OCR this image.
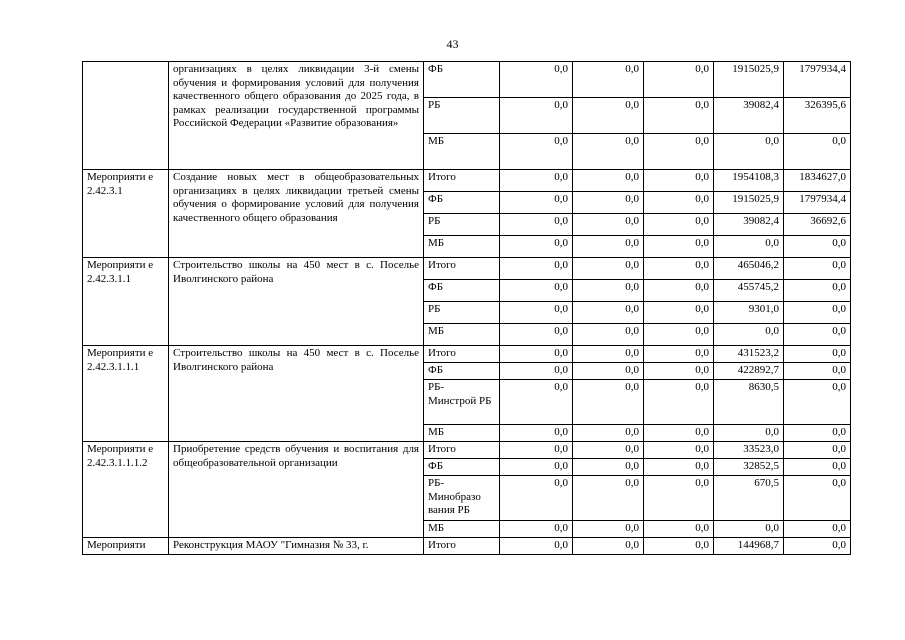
43
	организациях в целях ликвидации 3-й смены обучения и формирования условий для получения качественного общего образования до 2025 года, в рамках реализации государственной программы Российской Федерации «Развитие образования»	ФБ	0,0	0,0	0,0	1915025,9	1797934,4
		РБ	0,0	0,0	0,0	39082,4	326395,6
		МБ	0,0	0,0	0,0	0,0	0,0
Мероприяти е 2.42.3.1	Создание новых мест в общеобразовательных организациях в целях ликвидации третьей смены обучения о формирование условий для получения качественного общего образования	Итого	0,0	0,0	0,0	1954108,3	1834627,0
		ФБ	0,0	0,0	0,0	1915025,9	1797934,4
		РБ	0,0	0,0	0,0	39082,4	36692,6
		МБ	0,0	0,0	0,0	0,0	0,0
Мероприяти е 2.42.3.1.1	Строительство школы на 450 мест в с. Поселье Иволгинского района	Итого	0,0	0,0	0,0	465046,2	0,0
		ФБ	0,0	0,0	0,0	455745,2	0,0
		РБ	0,0	0,0	0,0	9301,0	0,0
		МБ	0,0	0,0	0,0	0,0	0,0
Мероприяти е 2.42.3.1.1.1	Строительство школы на 450 мест в с. Поселье Иволгинского района	Итого	0,0	0,0	0,0	431523,2	0,0
		ФБ	0,0	0,0	0,0	422892,7	0,0
		РБ- Минстрой РБ	0,0	0,0	0,0	8630,5	0,0
		МБ	0,0	0,0	0,0	0,0	0,0
Мероприяти е 2.42.3.1.1.1.2	Приобретение средств обучения и воспитания для общеобразовательной организации	Итого	0,0	0,0	0,0	33523,0	0,0
		ФБ	0,0	0,0	0,0	32852,5	0,0
		РБ- Минобразо вания РБ	0,0	0,0	0,0	670,5	0,0
		МБ	0,0	0,0	0,0	0,0	0,0
Мероприяти	Реконструкция МАОУ "Гимназия № 33, г.	Итого	0,0	0,0	0,0	144968,7	0,0
